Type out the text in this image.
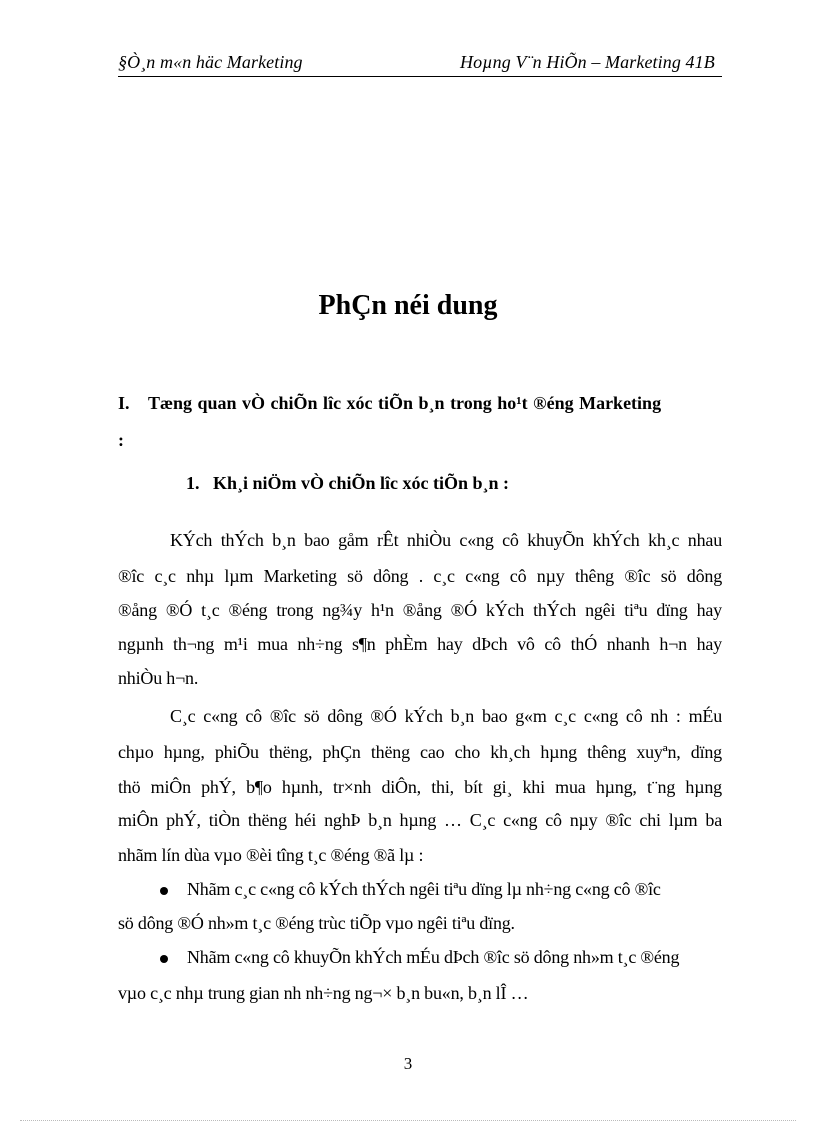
§Ò¸n m«n häc Marketing	Hoµng V¨n HiÕn – Marketing 41B
PhÇn néi dung
I. Tæng quan vÒ chiÕn lîc xóc tiÕn b¸n trong ho¹t ®éng Marketing
:
1. Kh¸i niÖm vÒ chiÕn lîc xóc tiÕn b¸n :
KÝch thÝch b¸n bao gåm rÊt nhiÒu c«ng cô khuyÕn khÝch kh¸c nhau
®îc c¸c nhµ lµm Marketing sö dông . c¸c c«ng cô nµy thêng ®îc sö dông
®ång ®Ó t¸c ®éng trong ng¾y h¹n ®ång ®Ó kÝch thÝch ngêi tiªu dïng hay
ngµnh th¬ng m¹i mua nh÷ng s¶n phÈm hay dÞch vô cô thÓ nhanh h¬n hay
nhiÒu h¬n.
C¸c c«ng cô ®îc sö dông ®Ó kÝch b¸n bao g«m c¸c c«ng cô nh : mÉu
chµo hµng, phiÕu thëng, phÇn thëng cao cho kh¸ch hµng thêng xuyªn, dïng
thö miÔn phÝ, b¶o hµnh, tr×nh diÔn, thi, bít gi¸ khi mua hµng, t¨ng hµng
miÔn phÝ, tiÒn thëng héi nghÞ b¸n hµng … C¸c c«ng cô nµy ®îc chi lµm ba
nhãm lín dùa vµo ®èi tîng t¸c ®éng ®ã lµ :
Nhãm c¸c c«ng cô kÝch thÝch ngêi tiªu dïng lµ nh÷ng c«ng cô ®îc
sö dông ®Ó nh»m t¸c ®éng trùc tiÕp vµo ngêi tiªu dïng.
Nhãm c«ng cô khuyÕn khÝch mÉu dÞch ®îc sö dông nh»m t¸c ®éng
vµo c¸c nhµ trung gian nh nh÷ng ng¬× b¸n bu«n, b¸n lÎ …
3
